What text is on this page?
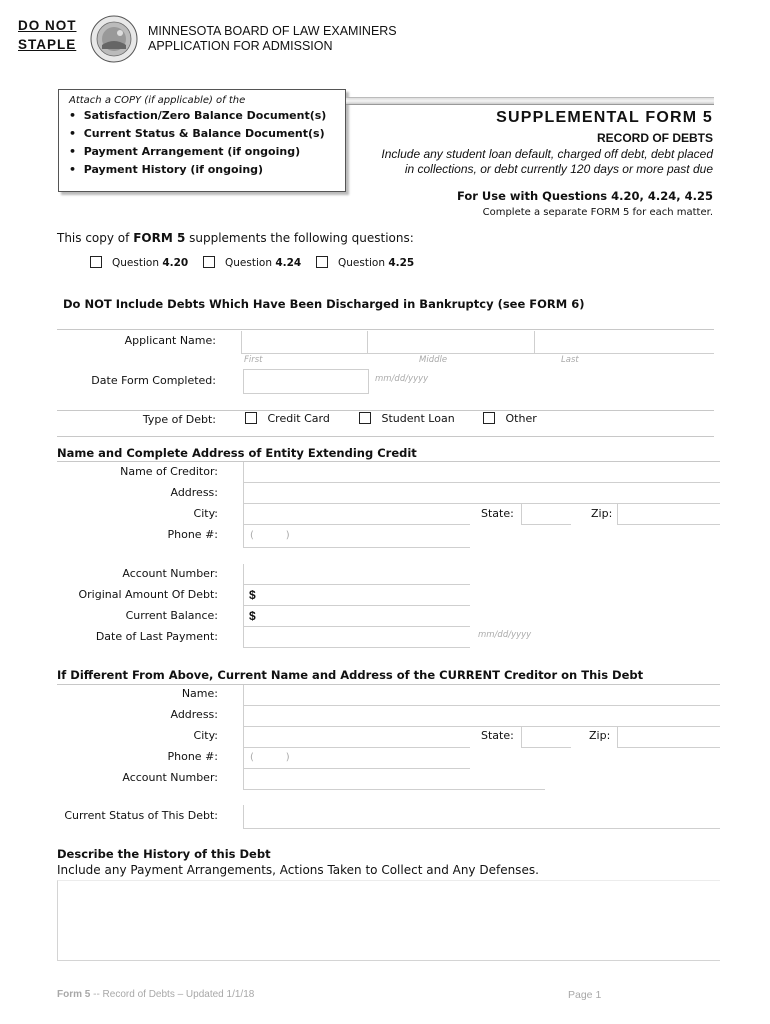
DO NOT
STAPLE
MINNESOTA BOARD OF LAW EXAMINERS
APPLICATION FOR ADMISSION
Attach a COPY (if applicable) of the
•  Satisfaction/Zero Balance Document(s)
•  Current Status & Balance Document(s)
•  Payment Arrangement (if ongoing)
•  Payment History (if ongoing)
SUPPLEMENTAL FORM 5
RECORD OF DEBTS
Include any student loan default, charged off debt, debt placed
in collections, or debt currently 120 days or more past due
For Use with Questions 4.20, 4.24, 4.25
Complete a separate FORM 5 for each matter.
This copy of FORM 5 supplements the following questions:
Question 4.20	Question 4.24	Question 4.25
Do NOT Include Debts Which Have Been Discharged in Bankruptcy (see FORM 6)
Applicant Name:
First	Middle	Last
Date Form Completed:	mm/dd/yyyy
Type of Debt:	Credit Card	Student Loan	Other
Name and Complete Address of Entity Extending Credit
Name of Creditor:
Address:
City:	State:	Zip:
Phone #:	(          )
Account Number:
Original Amount Of Debt:	$
Current Balance:	$
Date of Last Payment:	mm/dd/yyyy
If Different From Above, Current Name and Address of the CURRENT Creditor on This Debt
Name:
Address:
City:	State:	Zip:
Phone #:	(          )
Account Number:
Current Status of This Debt:
Describe the History of this Debt
Include any Payment Arrangements, Actions Taken to Collect and Any Defenses.
Form 5 -- Record of Debts – Updated 1/1/18	Page 1
